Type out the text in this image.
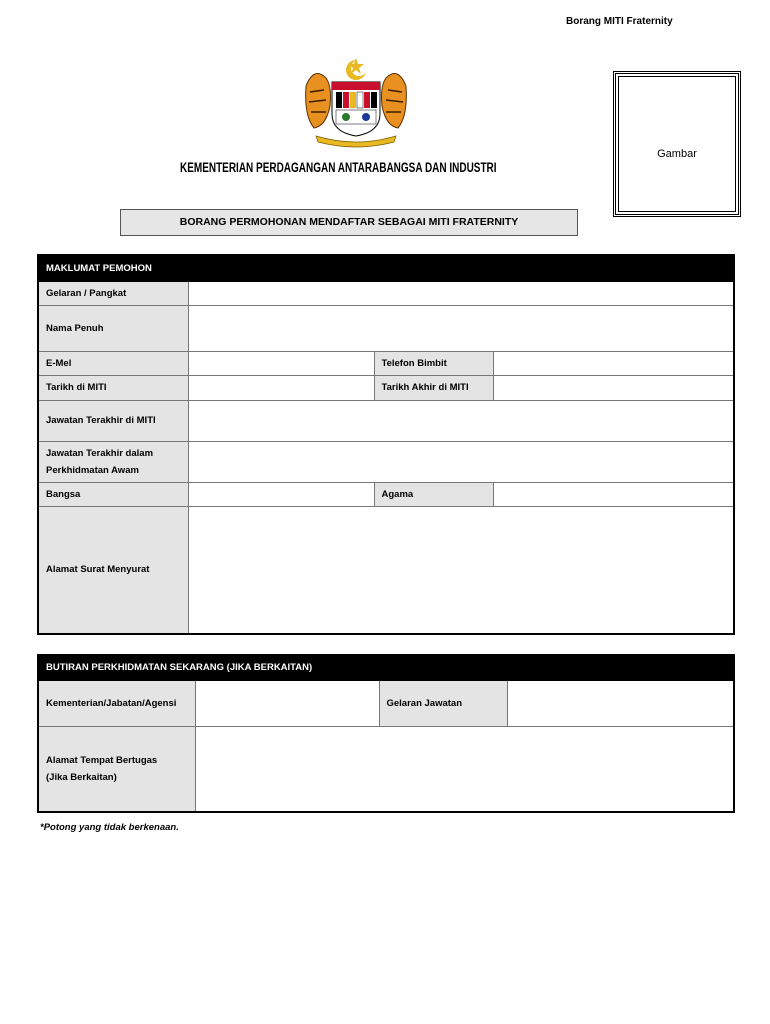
Borang MITI Fraternity
KEMENTERIAN PERDAGANGAN ANTARABANGSA DAN INDUSTRI
Gambar
BORANG PERMOHONAN MENDAFTAR SEBAGAI MITI FRATERNITY
MAKLUMAT PEMOHON			
Gelaran / Pangkat			
Nama Penuh			
E-Mel		Telefon Bimbit	
Tarikh di MITI		Tarikh Akhir di MITI	
Jawatan Terakhir di MITI			

Jawatan Terakhir dalam
Perkhidmatan Awam			

Bangsa		Agama	
Alamat Surat Menyurat			
BUTIRAN PERKHIDMATAN SEKARANG (JIKA BERKAITAN)			
Kementerian/Jabatan/Agensi		Gelaran Jawatan	

Alamat Tempat Bertugas
(Jika Berkaitan)			

*Potong yang tidak berkenaan.
